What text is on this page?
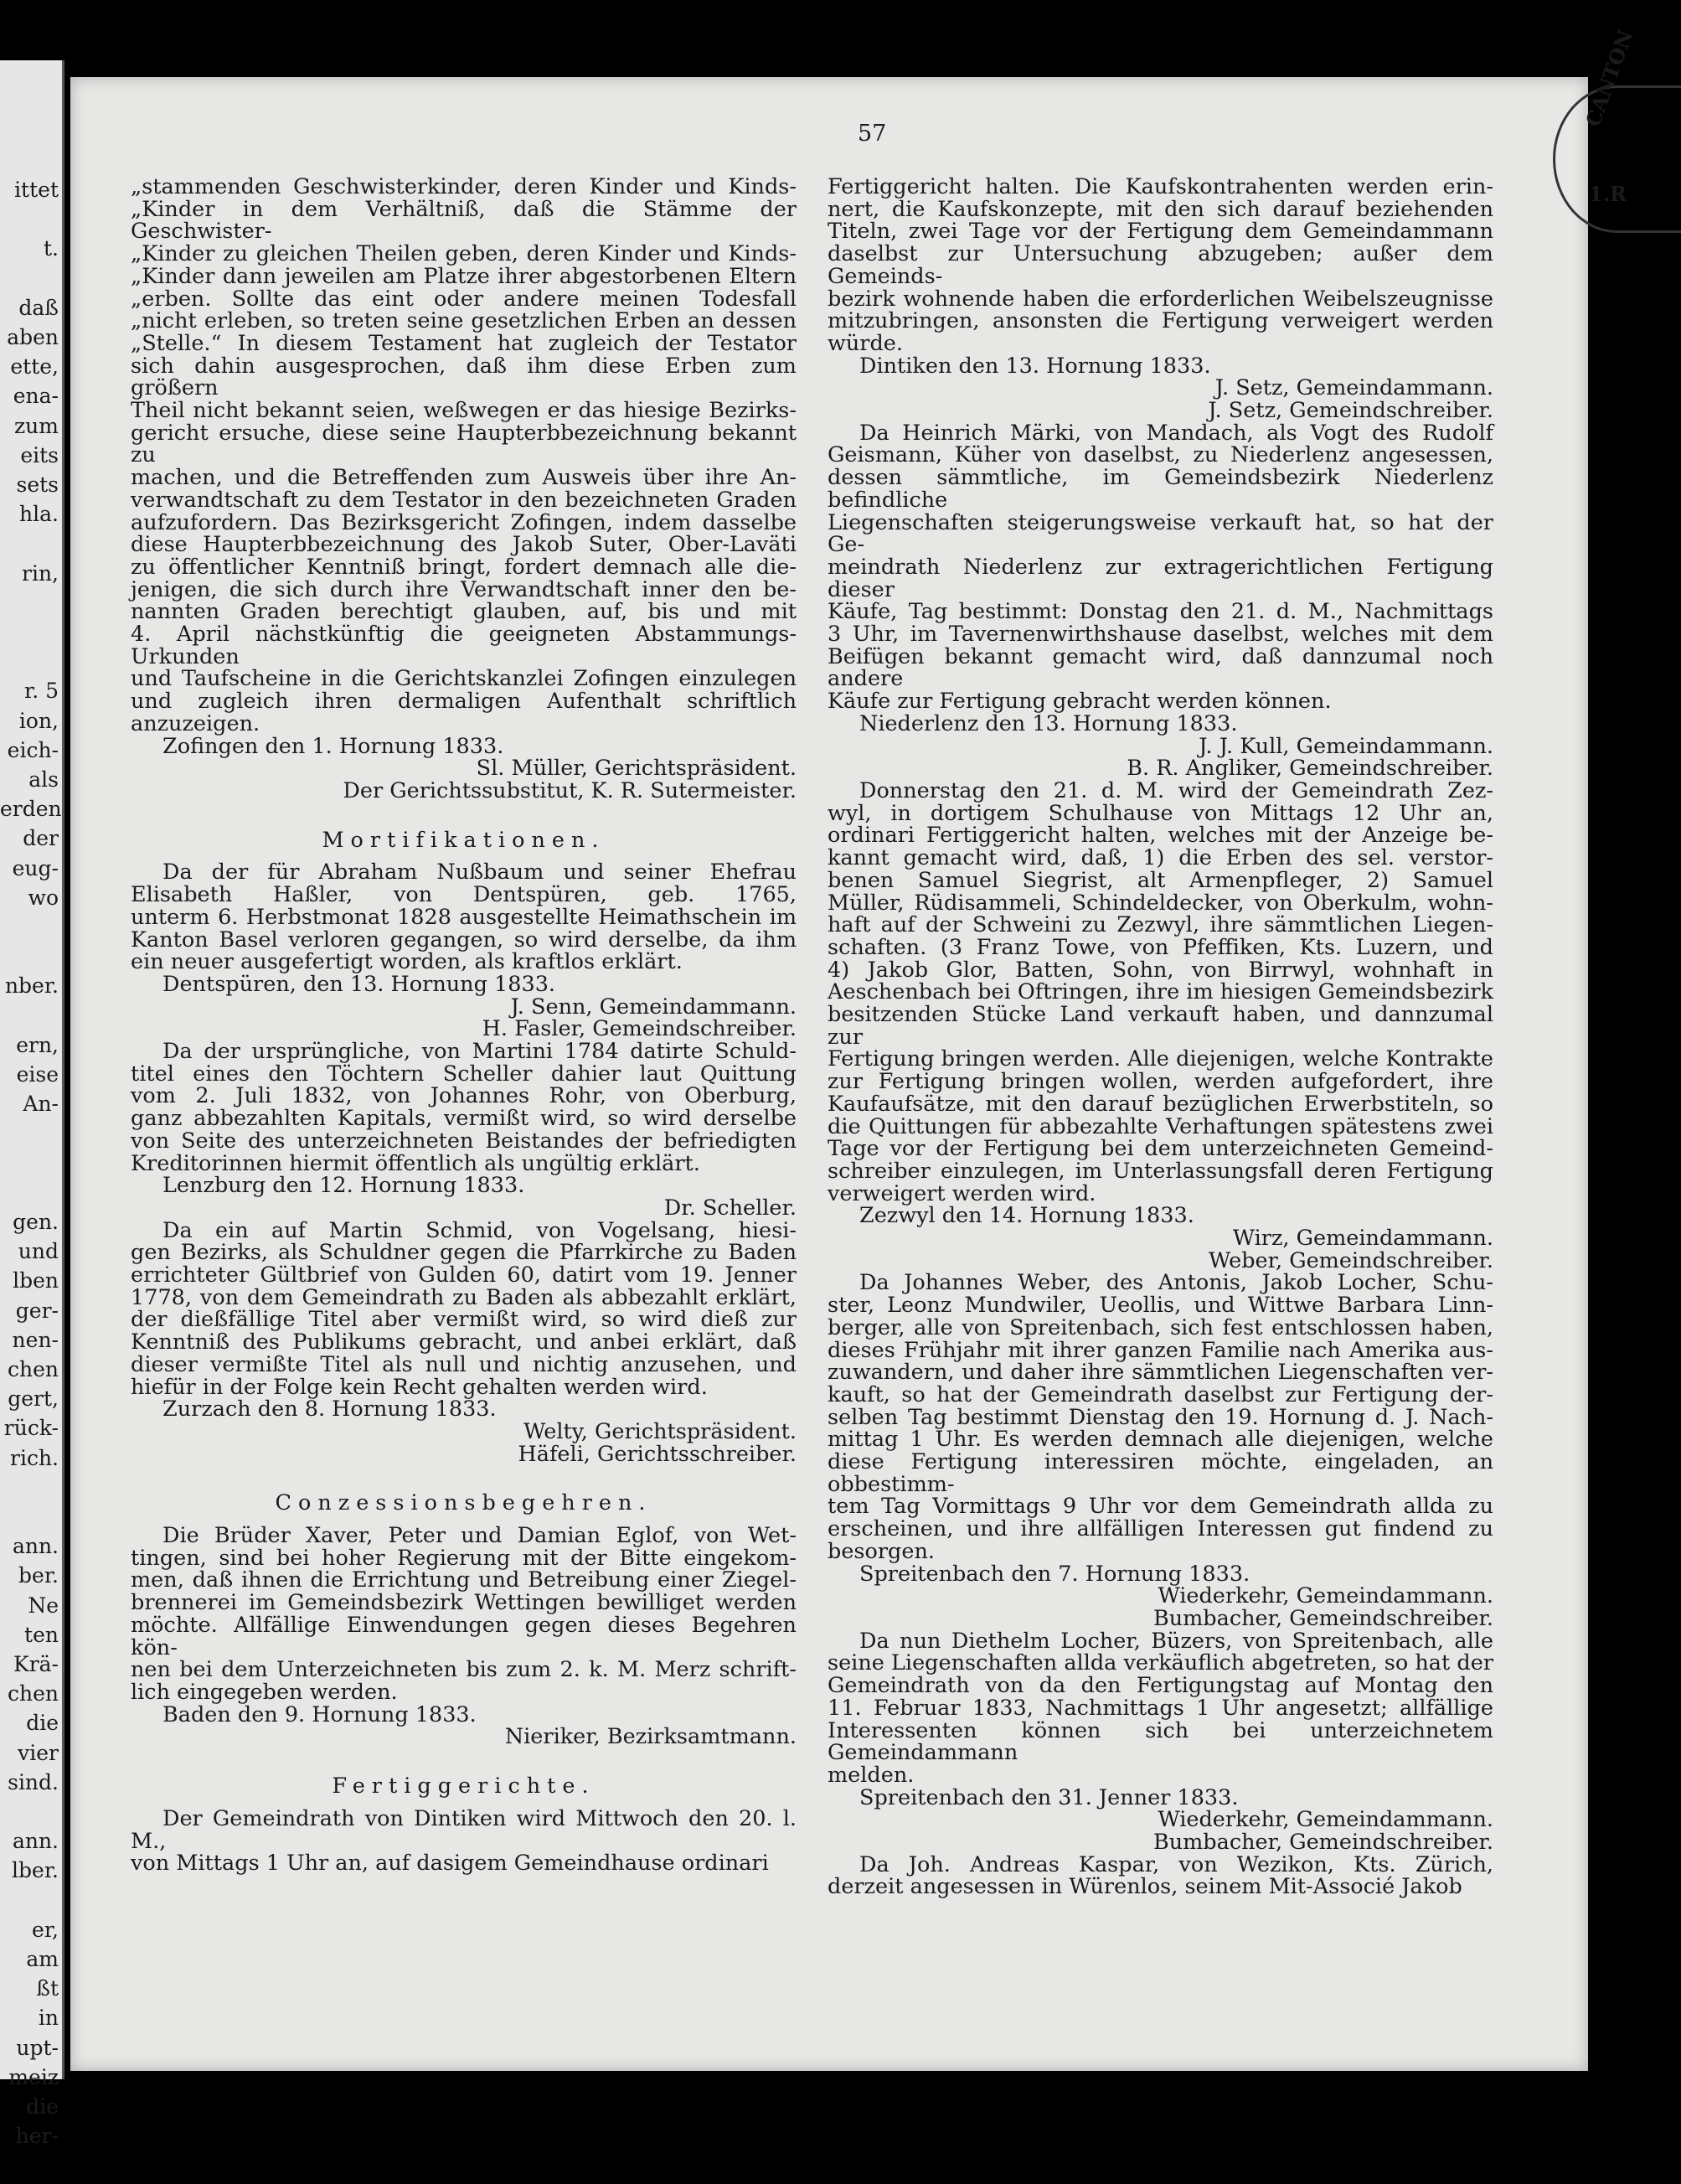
ittet
t.
daß
aben
ette,
ena-
zum
eits
sets
hla.
rin,
r. 5
ion,
eich-
als
erden
der
eug-
wo
nber.
ern,
eise
An-
gen.
und
lben
ger-
nen-
chen
gert,
rück-
rich.
ann.
ber.
Ne
ten
Krä-
chen
die
vier
sind.
ann.
lber.
er,
am
ßt
in
upt-
meiz
die
her-
57
CANTON
1.R

„stammenden Geschwisterkinder, deren Kinder und Kinds-

„Kinder in dem Verhältniß, daß die Stämme der Geschwister-

„Kinder zu gleichen Theilen geben, deren Kinder und Kinds-

„Kinder dann jeweilen am Platze ihrer abgestorbenen Eltern

„erben. Sollte das eint oder andere meinen Todesfall

„nicht erleben, so treten seine gesetzlichen Erben an dessen

„Stelle.“ In diesem Testament hat zugleich der Testator

sich dahin ausgesprochen, daß ihm diese Erben zum größern

Theil nicht bekannt seien, weßwegen er das hiesige Bezirks-

gericht ersuche, diese seine Haupterbbezeichnung bekannt zu

machen, und die Betreffenden zum Ausweis über ihre An-

verwandtschaft zu dem Testator in den bezeichneten Graden

aufzufordern. Das Bezirksgericht Zofingen, indem dasselbe

diese Haupterbbezeichnung des Jakob Suter, Ober-Laväti

zu öffentlicher Kenntniß bringt, fordert demnach alle die-

jenigen, die sich durch ihre Verwandtschaft inner den be-

nannten Graden berechtigt glauben, auf, bis und mit

4. April nächstkünftig die geeigneten Abstammungs-Urkunden

und Taufscheine in die Gerichtskanzlei Zofingen einzulegen

und zugleich ihren dermaligen Aufenthalt schriftlich anzuzeigen.

Zofingen den 1. Hornung 1833.

Sl. Müller, Gerichtspräsident.

Der Gerichtssubstitut, K. R. Sutermeister.

Mortifikationen.

Da der für Abraham Nußbaum und seiner Ehefrau

Elisabeth Haßler, von Dentspüren, geb. 1765,

unterm 6. Herbstmonat 1828 ausgestellte Heimathschein im

Kanton Basel verloren gegangen, so wird derselbe, da ihm

ein neuer ausgefertigt worden, als kraftlos erklärt.

Dentspüren, den 13. Hornung 1833.

J. Senn, Gemeindammann.

H. Fasler, Gemeindschreiber.

Da der ursprüngliche, von Martini 1784 datirte Schuld-

titel eines den Töchtern Scheller dahier laut Quittung

vom 2. Juli 1832, von Johannes Rohr, von Oberburg,

ganz abbezahlten Kapitals, vermißt wird, so wird derselbe

von Seite des unterzeichneten Beistandes der befriedigten

Kreditorinnen hiermit öffentlich als ungültig erklärt.

Lenzburg den 12. Hornung 1833.

Dr. Scheller.

Da ein auf Martin Schmid, von Vogelsang, hiesi-

gen Bezirks, als Schuldner gegen die Pfarrkirche zu Baden

errichteter Gültbrief von Gulden 60, datirt vom 19. Jenner

1778, von dem Gemeindrath zu Baden als abbezahlt erklärt,

der dießfällige Titel aber vermißt wird, so wird dieß zur

Kenntniß des Publikums gebracht, und anbei erklärt, daß

dieser vermißte Titel als null und nichtig anzusehen, und

hiefür in der Folge kein Recht gehalten werden wird.

Zurzach den 8. Hornung 1833.

Welty, Gerichtspräsident.

Häfeli, Gerichtsschreiber.

Conzessionsbegehren.

Die Brüder Xaver, Peter und Damian Eglof, von Wet-

tingen, sind bei hoher Regierung mit der Bitte eingekom-

men, daß ihnen die Errichtung und Betreibung einer Ziegel-

brennerei im Gemeindsbezirk Wettingen bewilliget werden

möchte. Allfällige Einwendungen gegen dieses Begehren kön-

nen bei dem Unterzeichneten bis zum 2. k. M. Merz schrift-

lich eingegeben werden.

Baden den 9. Hornung 1833.

Nieriker, Bezirksamtmann.

Fertiggerichte.

Der Gemeindrath von Dintiken wird Mittwoch den 20. l. M.,

von Mittags 1 Uhr an, auf dasigem Gemeindhause ordinari

Fertiggericht halten. Die Kaufskontrahenten werden erin-

nert, die Kaufskonzepte, mit den sich darauf beziehenden

Titeln, zwei Tage vor der Fertigung dem Gemeindammann

daselbst zur Untersuchung abzugeben; außer dem Gemeinds-

bezirk wohnende haben die erforderlichen Weibelszeugnisse

mitzubringen, ansonsten die Fertigung verweigert werden

würde.

Dintiken den 13. Hornung 1833.

J. Setz, Gemeindammann.

J. Setz, Gemeindschreiber.

Da Heinrich Märki, von Mandach, als Vogt des Rudolf

Geismann, Küher von daselbst, zu Niederlenz angesessen,

dessen sämmtliche, im Gemeindsbezirk Niederlenz befindliche

Liegenschaften steigerungsweise verkauft hat, so hat der Ge-

meindrath Niederlenz zur extragerichtlichen Fertigung dieser

Käufe, Tag bestimmt: Donstag den 21. d. M., Nachmittags

3 Uhr, im Tavernenwirthshause daselbst, welches mit dem

Beifügen bekannt gemacht wird, daß dannzumal noch andere

Käufe zur Fertigung gebracht werden können.

Niederlenz den 13. Hornung 1833.

J. J. Kull, Gemeindammann.

B. R. Angliker, Gemeindschreiber.

Donnerstag den 21. d. M. wird der Gemeindrath Zez-

wyl, in dortigem Schulhause von Mittags 12 Uhr an,

ordinari Fertiggericht halten, welches mit der Anzeige be-

kannt gemacht wird, daß, 1) die Erben des sel. verstor-

benen Samuel Siegrist, alt Armenpfleger, 2) Samuel

Müller, Rüdisammeli, Schindeldecker, von Oberkulm, wohn-

haft auf der Schweini zu Zezwyl, ihre sämmtlichen Liegen-

schaften. (3 Franz Towe, von Pfeffiken, Kts. Luzern, und

4) Jakob Glor, Batten, Sohn, von Birrwyl, wohnhaft in

Aeschenbach bei Oftringen, ihre im hiesigen Gemeindsbezirk

besitzenden Stücke Land verkauft haben, und dannzumal zur

Fertigung bringen werden. Alle diejenigen, welche Kontrakte

zur Fertigung bringen wollen, werden aufgefordert, ihre

Kaufaufsätze, mit den darauf bezüglichen Erwerbstiteln, so

die Quittungen für abbezahlte Verhaftungen spätestens zwei

Tage vor der Fertigung bei dem unterzeichneten Gemeind-

schreiber einzulegen, im Unterlassungsfall deren Fertigung

verweigert werden wird.

Zezwyl den 14. Hornung 1833.

Wirz, Gemeindammann.

Weber, Gemeindschreiber.

Da Johannes Weber, des Antonis, Jakob Locher, Schu-

ster, Leonz Mundwiler, Ueollis, und Wittwe Barbara Linn-

berger, alle von Spreitenbach, sich fest entschlossen haben,

dieses Frühjahr mit ihrer ganzen Familie nach Amerika aus-

zuwandern, und daher ihre sämmtlichen Liegenschaften ver-

kauft, so hat der Gemeindrath daselbst zur Fertigung der-

selben Tag bestimmt Dienstag den 19. Hornung d. J. Nach-

mittag 1 Uhr. Es werden demnach alle diejenigen, welche

diese Fertigung interessiren möchte, eingeladen, an obbestimm-

tem Tag Vormittags 9 Uhr vor dem Gemeindrath allda zu

erscheinen, und ihre allfälligen Interessen gut findend zu

besorgen.

Spreitenbach den 7. Hornung 1833.

Wiederkehr, Gemeindammann.

Bumbacher, Gemeindschreiber.

Da nun Diethelm Locher, Büzers, von Spreitenbach, alle

seine Liegenschaften allda verkäuflich abgetreten, so hat der

Gemeindrath von da den Fertigungstag auf Montag den

11. Februar 1833, Nachmittags 1 Uhr angesetzt; allfällige

Interessenten können sich bei unterzeichnetem Gemeindammann

melden.

Spreitenbach den 31. Jenner 1833.

Wiederkehr, Gemeindammann.

Bumbacher, Gemeindschreiber.

Da Joh. Andreas Kaspar, von Wezikon, Kts. Zürich,

derzeit angesessen in Würenlos, seinem Mit-Associé Jakob
